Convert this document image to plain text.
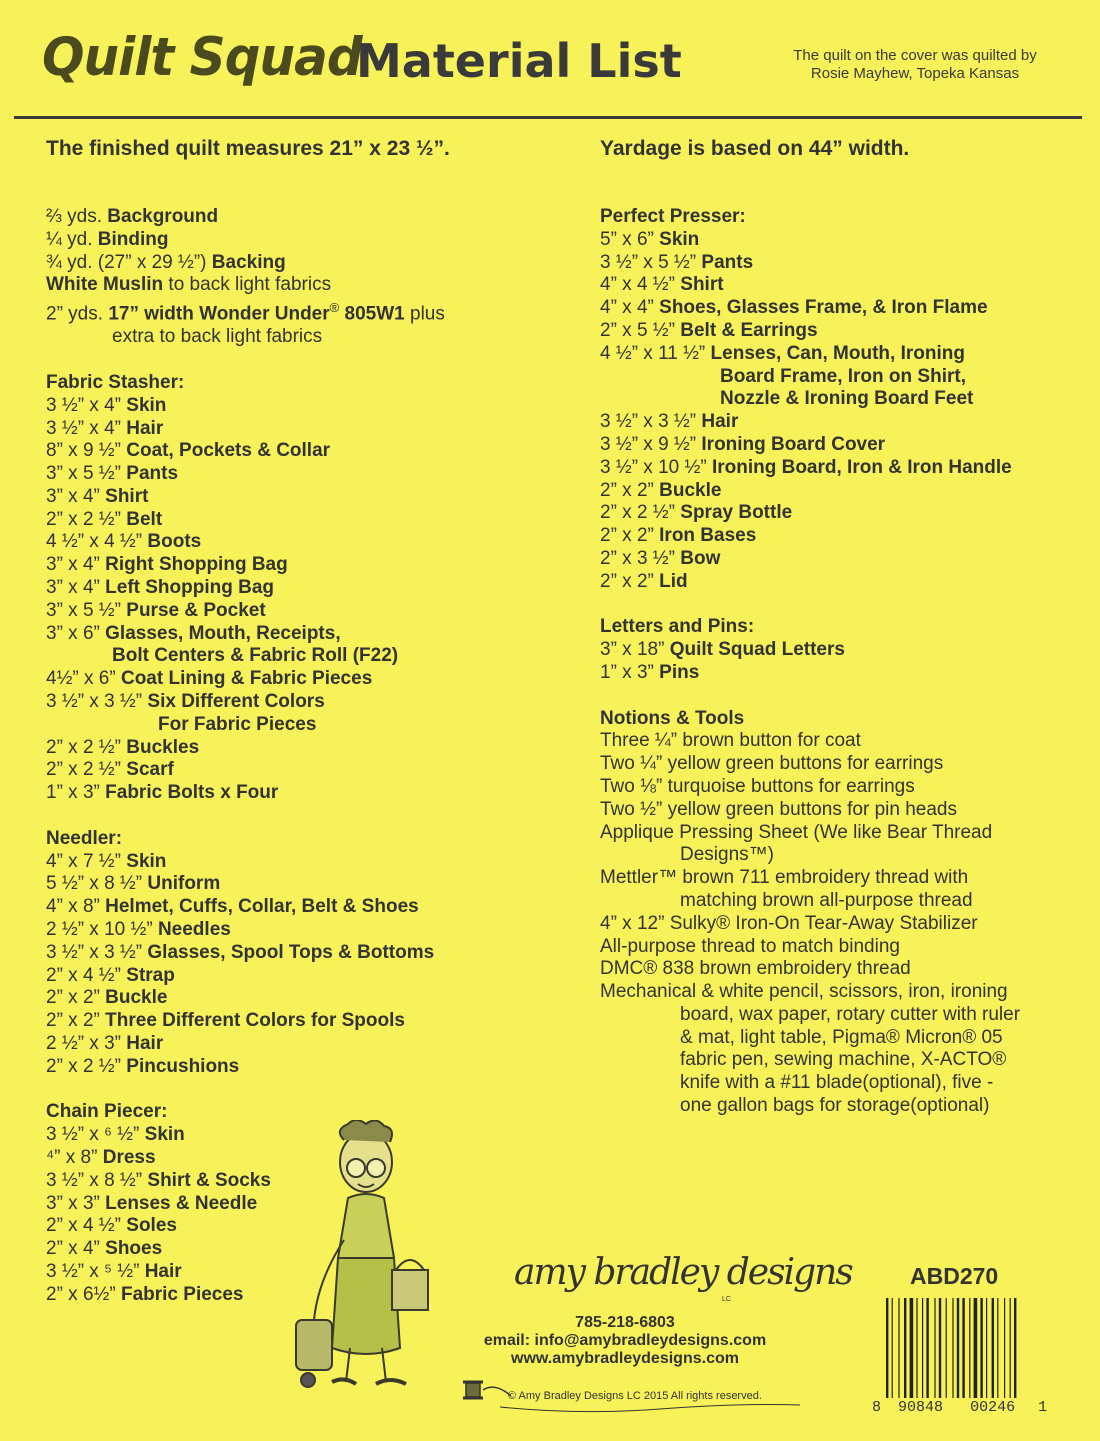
Quilt Squad
Material List	The quilt on the cover was quilted by
Rosie Mayhew, Topeka Kansas
The finished quilt measures 21” x 23 ½”.	Yardage is based on 44” width.
⅔ yds. Background
¼ yd. Binding
¾ yd. (27” x 29 ½”) Backing
White Muslin to back light fabrics
2” yds. 17” width Wonder Under® 805W1 plus
extra to back light fabrics
Fabric Stasher:
3 ½” x 4” Skin
3 ½” x 4” Hair
8” x 9 ½” Coat, Pockets & Collar
3” x 5 ½” Pants
3” x 4” Shirt
2” x 2 ½” Belt
4 ½” x 4 ½” Boots
3” x 4” Right Shopping Bag
3” x 4” Left Shopping Bag
3” x 5 ½” Purse & Pocket
3” x 6” Glasses, Mouth, Receipts,
Bolt Centers & Fabric Roll (F22)
4½” x 6” Coat Lining & Fabric Pieces
3 ½” x 3 ½” Six Different Colors
For Fabric Pieces
2” x 2 ½” Buckles
2” x 2 ½” Scarf
1” x 3” Fabric Bolts x Four
Needler:
4” x 7 ½” Skin
5 ½” x 8 ½” Uniform
4” x 8” Helmet, Cuffs, Collar, Belt & Shoes
2 ½” x 10 ½” Needles
3 ½” x 3 ½” Glasses, Spool Tops & Bottoms
2” x 4 ½” Strap
2” x 2” Buckle
2” x 2” Three Different Colors for Spools
2 ½” x 3” Hair
2” x 2 ½” Pincushions
Chain Piecer:
3 ½” x ⁶ ½” Skin
⁴” x 8” Dress
3 ½” x 8 ½” Shirt & Socks
3” x 3” Lenses & Needle
2” x 4 ½” Soles
2” x 4” Shoes
3 ½” x ⁵ ½” Hair
2” x 6½” Fabric Pieces
Perfect Presser:
5” x 6” Skin
3 ½” x 5 ½” Pants
4” x 4 ½” Shirt
4” x 4” Shoes, Glasses Frame, & Iron Flame
2” x 5 ½” Belt & Earrings
4 ½” x 11 ½” Lenses, Can, Mouth, Ironing
Board Frame, Iron on Shirt,
Nozzle & Ironing Board Feet
3 ½” x 3 ½” Hair
3 ½” x 9 ½” Ironing Board Cover
3 ½” x 10 ½” Ironing Board, Iron & Iron Handle
2” x 2” Buckle
2” x 2 ½” Spray Bottle
2” x 2” Iron Bases
2” x 3 ½” Bow
2” x 2” Lid
Letters and Pins:
3” x 18” Quilt Squad Letters
1” x 3” Pins
Notions & Tools
Three ¼” brown button for coat
Two ¼” yellow green buttons for earrings
Two ⅛” turquoise buttons for earrings
Two ½” yellow green buttons for pin heads
Applique Pressing Sheet (We like Bear Thread
Designs™)
Mettler™ brown 711 embroidery thread with
matching brown all-purpose thread
4” x 12” Sulky® Iron-On Tear-Away Stabilizer
All-purpose thread to match binding
DMC® 838 brown embroidery thread
Mechanical & white pencil, scissors, iron, ironing
board, wax paper, rotary cutter with ruler
& mat, light table, Pigma® Micron® 05
fabric pen, sewing machine, X-ACTO®
knife with a #11 blade(optional), five -
one gallon bags for storage(optional)
amy bradley designs
LC
785-218-6803
email: info@amybradleydesigns.com
www.amybradleydesigns.com
© Amy Bradley Designs LC 2015 All rights reserved.
ABD270
8 90848 00246 1
